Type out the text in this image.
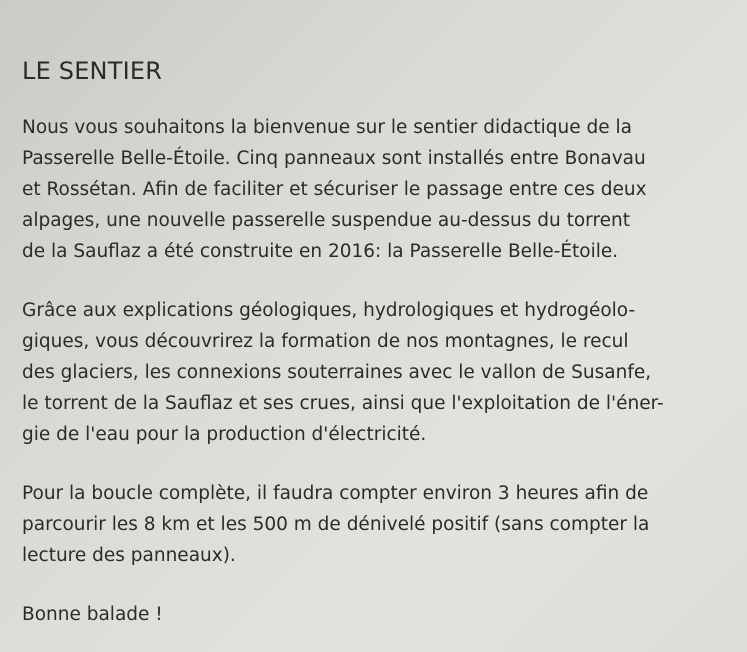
LE SENTIER

Nous vous souhaitons la bienvenue sur le sentier didactique de la
Passerelle Belle-Étoile. Cinq panneaux sont installés entre Bonavau
et Rossétan. Afin de faciliter et sécuriser le passage entre ces deux
alpages, une nouvelle passerelle suspendue au-dessus du torrent
de la Sauflaz a été construite en 2016: la Passerelle Belle-Étoile.

Grâce aux explications géologiques, hydrologiques et hydrogéolo-
giques, vous découvrirez la formation de nos montagnes, le recul
des glaciers, les connexions souterraines avec le vallon de Susanfe,
le torrent de la Sauflaz et ses crues, ainsi que l'exploitation de l'éner-
gie de l'eau pour la production d'électricité.

Pour la boucle complète, il faudra compter environ 3 heures afin de
parcourir les 8 km et les 500 m de dénivelé positif (sans compter la
lecture des panneaux).

Bonne balade !
